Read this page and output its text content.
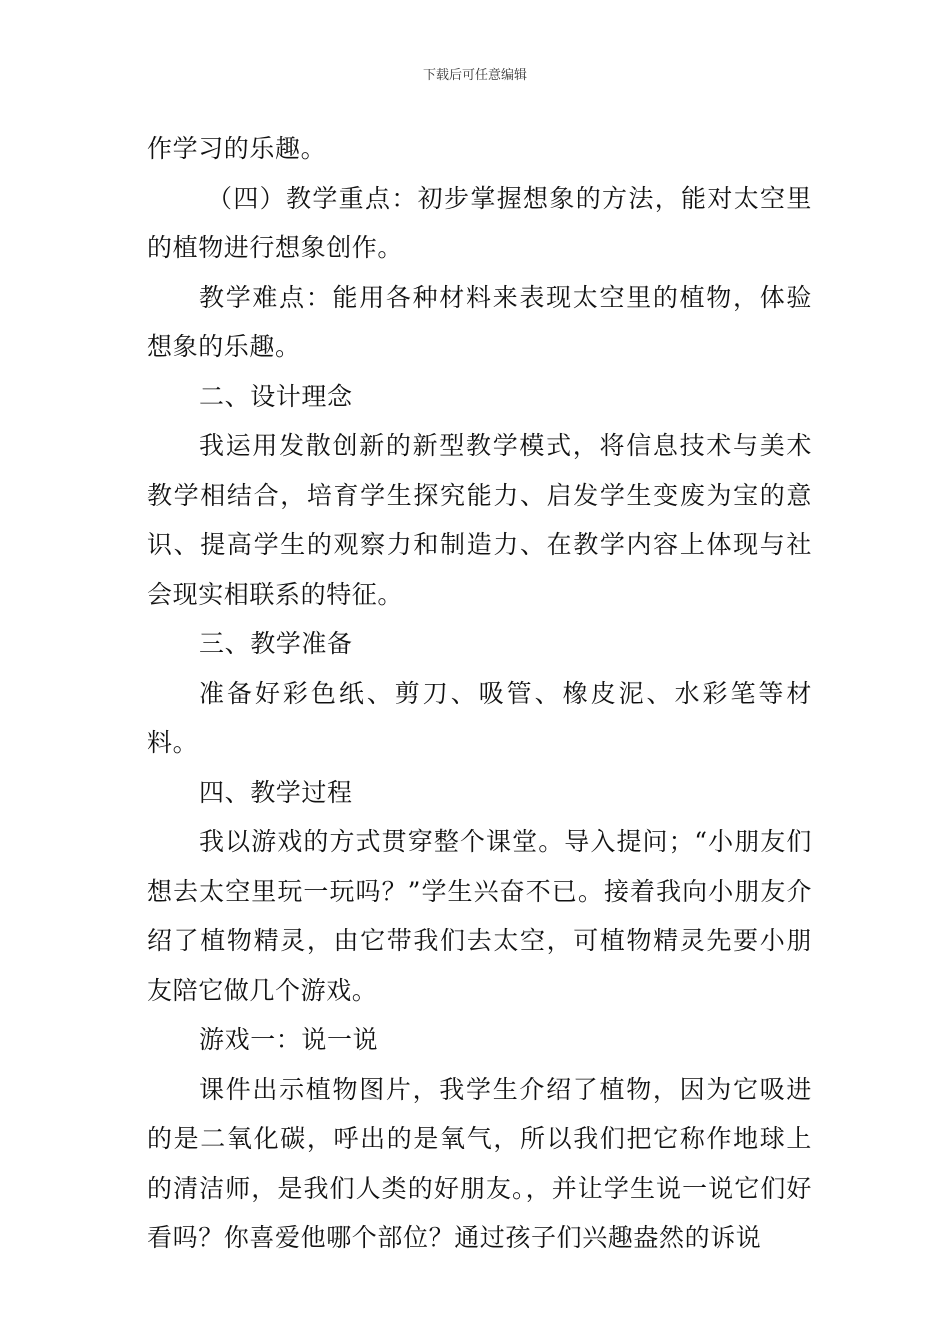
下载后可任意编辑

作学习的乐趣。

（四）教学重点：初步掌握想象的方法，能对太空里的植物进行想象创作。

教学难点：能用各种材料来表现太空里的植物，体验想象的乐趣。

二、设计理念

我运用发散创新的新型教学模式，将信息技术与美术教学相结合，培育学生探究能力、启发学生变废为宝的意识、提高学生的观察力和制造力、在教学内容上体现与社会现实相联系的特征。

三、教学准备

准备好彩色纸、剪刀、吸管、橡皮泥、水彩笔等材料。

四、教学过程

我以游戏的方式贯穿整个课堂。导入提问；“小朋友们想去太空里玩一玩吗？”学生兴奋不已。接着我向小朋友介绍了植物精灵，由它带我们去太空，可植物精灵先要小朋友陪它做几个游戏。

游戏一：说一说

课件出示植物图片，我学生介绍了植物，因为它吸进的是二氧化碳，呼出的是氧气，所以我们把它称作地球上的清洁师，是我们人类的好朋友。，并让学生说一说它们好看吗？你喜爱他哪个部位？通过孩子们兴趣盎然的诉说
